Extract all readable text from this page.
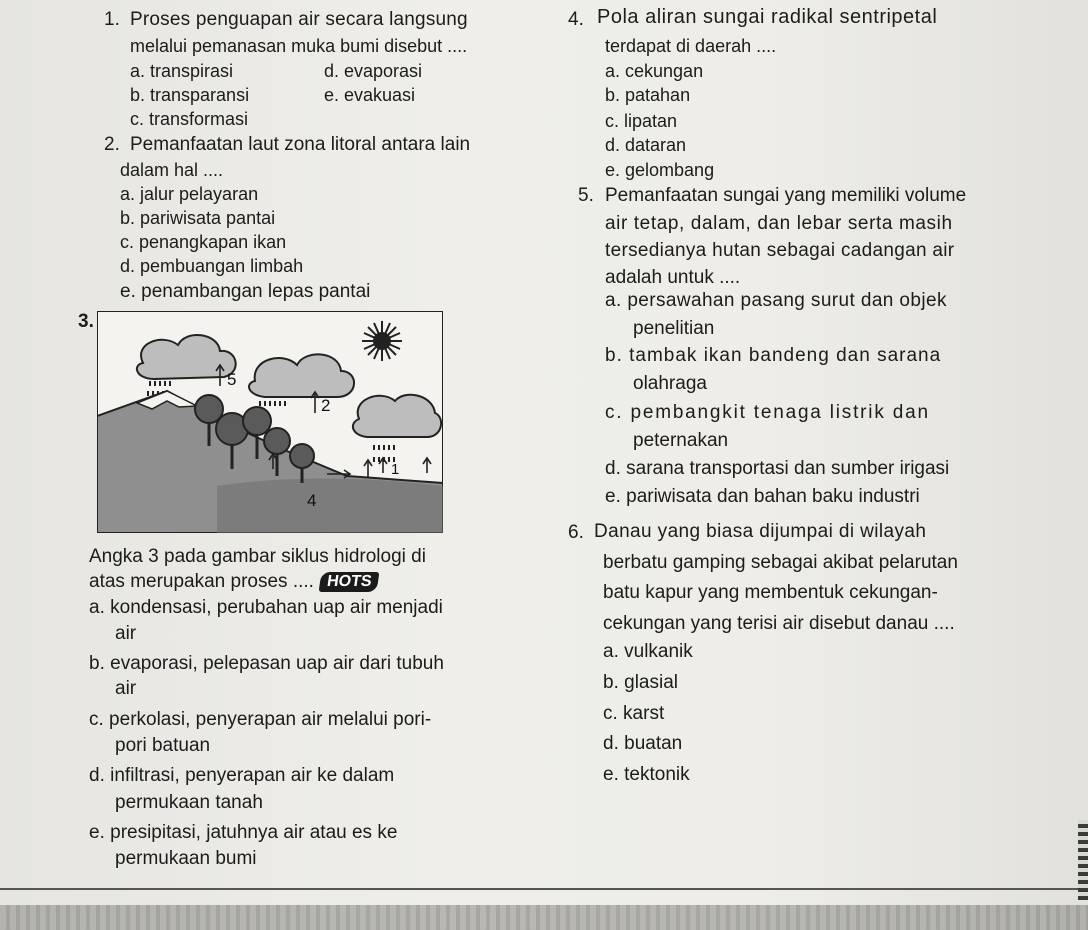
1. Proses penguapan air secara langsung
melalui pemanasan muka bumi disebut ....
a. transpirasi
b. transparansi
c. transformasi
d. evaporasi
e. evakuasi
2. Pemanfaatan laut zona litoral antara lain
dalam hal ....
a. jalur pelayaran
b. pariwisata pantai
c. penangkapan ikan
d. pembuangan limbah
e. penambangan lepas pantai
3.
5
2
1
4
Angka 3 pada gambar siklus hidrologi di
atas merupakan proses .... HOTS
a. kondensasi, perubahan uap air menjadi
air
b. evaporasi, pelepasan uap air dari tubuh
air
c. perkolasi, penyerapan air melalui pori-
pori batuan
d. infiltrasi, penyerapan air ke dalam
permukaan tanah
e. presipitasi, jatuhnya air atau es ke
permukaan bumi
4. Pola aliran sungai radikal sentripetal
terdapat di daerah ....
a. cekungan
b. patahan
c. lipatan
d. dataran
e. gelombang
5. Pemanfaatan sungai yang memiliki volume
air tetap, dalam, dan lebar serta masih
tersedianya hutan sebagai cadangan air
adalah untuk ....
a. persawahan pasang surut dan objek
penelitian
b. tambak ikan bandeng dan sarana
olahraga
c. pembangkit tenaga listrik dan
peternakan
d. sarana transportasi dan sumber irigasi
e. pariwisata dan bahan baku industri
6. Danau yang biasa dijumpai di wilayah
berbatu gamping sebagai akibat pelarutan
batu kapur yang membentuk cekungan-
cekungan yang terisi air disebut danau ....
a. vulkanik
b. glasial
c. karst
d. buatan
e. tektonik
